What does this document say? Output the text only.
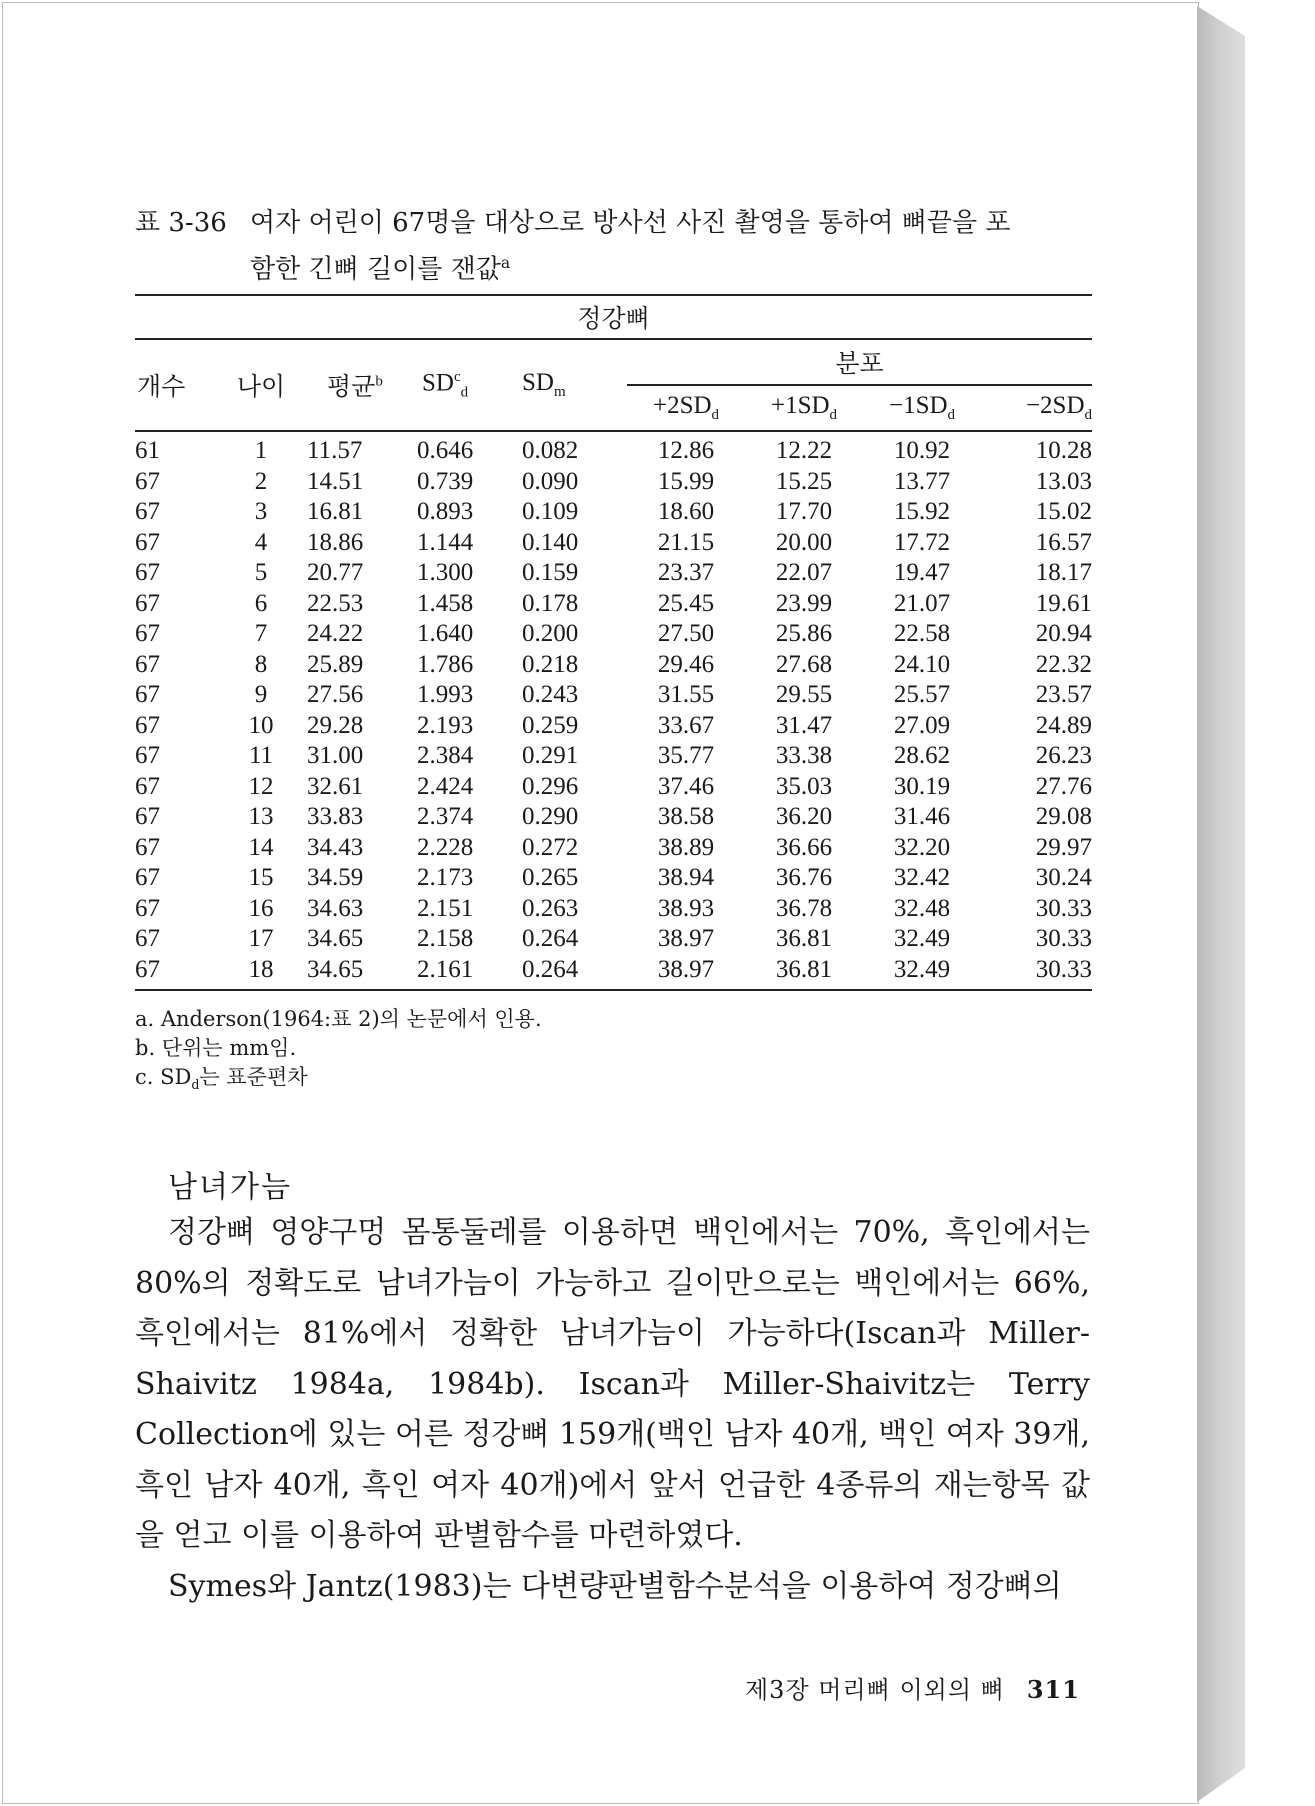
표 3-36 여자 어린이 67명을 대상으로 방사선 사진 촬영을 통하여 뼈끝을 포
함한 긴뼈 길이를 잰값$^a$

정강뼈								
개수	나이	평균$^b$	$SD^c_d$	$SD_m$	분포			
					$+2SD_d$	$+1SD_d$	$-1SD_d$	$-2SD_d$
61	1	11.57	0.646	0.082	12.86	12.22	10.92	10.28
67	2	14.51	0.739	0.090	15.99	15.25	13.77	13.03
67	3	16.81	0.893	0.109	18.60	17.70	15.92	15.02
67	4	18.86	1.144	0.140	21.15	20.00	17.72	16.57
67	5	20.77	1.300	0.159	23.37	22.07	19.47	18.17
67	6	22.53	1.458	0.178	25.45	23.99	21.07	19.61
67	7	24.22	1.640	0.200	27.50	25.86	22.58	20.94
67	8	25.89	1.786	0.218	29.46	27.68	24.10	22.32
67	9	27.56	1.993	0.243	31.55	29.55	25.57	23.57
67	10	29.28	2.193	0.259	33.67	31.47	27.09	24.89
67	11	31.00	2.384	0.291	35.77	33.38	28.62	26.23
67	12	32.61	2.424	0.296	37.46	35.03	30.19	27.76
67	13	33.83	2.374	0.290	38.58	36.20	31.46	29.08
67	14	34.43	2.228	0.272	38.89	36.66	32.20	29.97
67	15	34.59	2.173	0.265	38.94	36.76	32.42	30.24
67	16	34.63	2.151	0.263	38.93	36.78	32.48	30.33
67	17	34.65	2.158	0.264	38.97	36.81	32.49	30.33
67	18	34.65	2.161	0.264	38.97	36.81	32.49	30.33
a. Anderson(1964:표 2)의 논문에서 인용.
b. 단위는 mm임.
c. $SD_d$는 표준편차
남녀가늠

정강뼈 영양구멍 몸통둘레를 이용하면 백인에서는 70%, 흑인에서는 80%의 정확도로 남녀가늠이 가능하고 길이만으로는 백인에서는 66%, 흑인에서는 81%에서 정확한 남녀가늠이 가능하다(Iscan과 Miller-Shaivitz 1984a, 1984b). Iscan과 Miller-Shaivitz는 Terry Collection에 있는 어른 정강뼈 159개(백인 남자 40개, 백인 여자 39개, 흑인 남자 40개, 흑인 여자 40개)에서 앞서 언급한 4종류의 재는항목 값을 얻고 이를 이용하여 판별함수를 마련하였다.

Symes와 Jantz(1983)는 다변량판별함수분석을 이용하여 정강뼈의

제3장 머리뼈 이외의 뼈 311
